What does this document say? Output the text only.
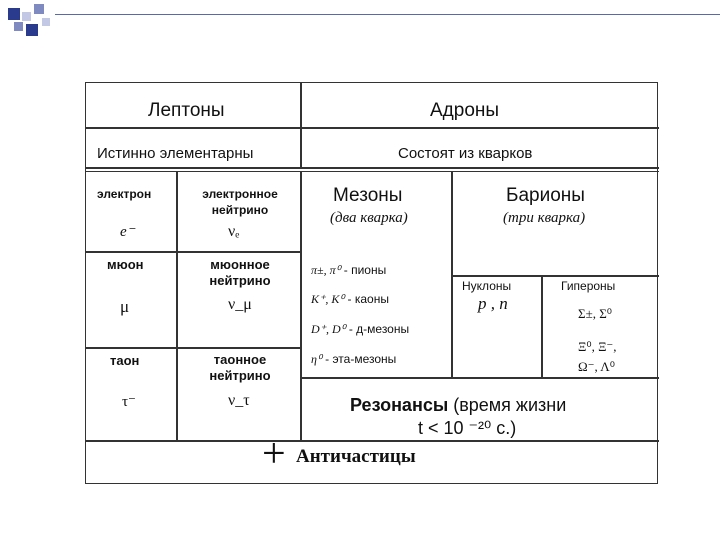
Лептоны	Адроны
Истинно элементарны	Состоят из кварков
электрон
e⁻
электронное нейтрино
νₑ
мюон
μ
мюонное нейтрино
ν_μ
таон
τ⁻
таонное нейтрино
ν_τ
Мезоны
(два кварка)
π±, π⁰ - пионы
K⁺, K⁰ - каоны
D⁺, D⁰ - д-мезоны
η⁰ - эта-мезоны
Барионы
(три кварка)
Нуклоны
p , n
Гипероны
Σ±, Σ⁰
Ξ⁰, Ξ⁻,
Ω⁻, Λ⁰
Резонансы (время жизни
t < 10 ⁻²⁰ с.)
+ Античастицы
